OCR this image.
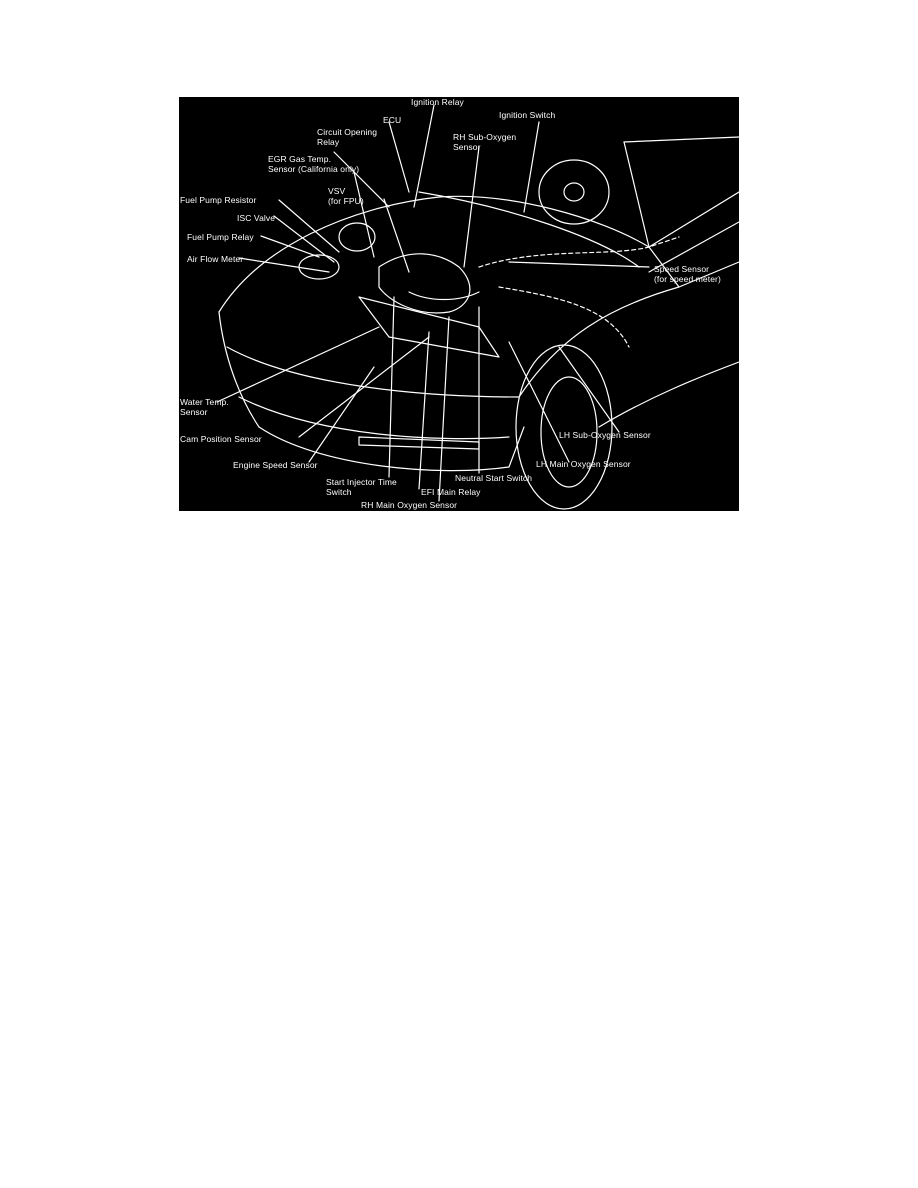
Ignition Relay
ECU	Ignition Switch
Circuit Opening
Relay	RH Sub-Oxygen
Sensor
EGR Gas Temp.
Sensor (California only)
VSV
(for FPU)
Fuel Pump Resistor
ISC Valve
Fuel Pump Relay
Air Flow Meter
Speed Sensor
(for speed meter)
Water Temp.
Sensor
LH Sub-Oxygen Sensor
Cam Position Sensor
LH Main Oxygen Sensor
Engine Speed Sensor
Neutral Start Switch
Start Injector Time
Switch	EFI Main Relay
RH Main Oxygen Sensor
